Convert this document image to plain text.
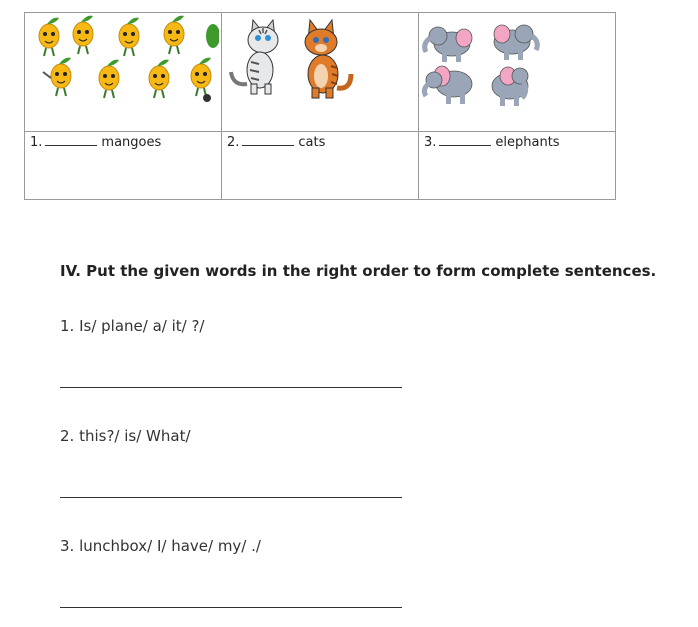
1.	mangoes	2.	cats	3.	elephants
IV. Put the given words in the right order to form complete sentences.
1. Is/ plane/ a/ it/ ?/
2. this?/ is/ What/
3. lunchbox/ I/ have/ my/ ./
